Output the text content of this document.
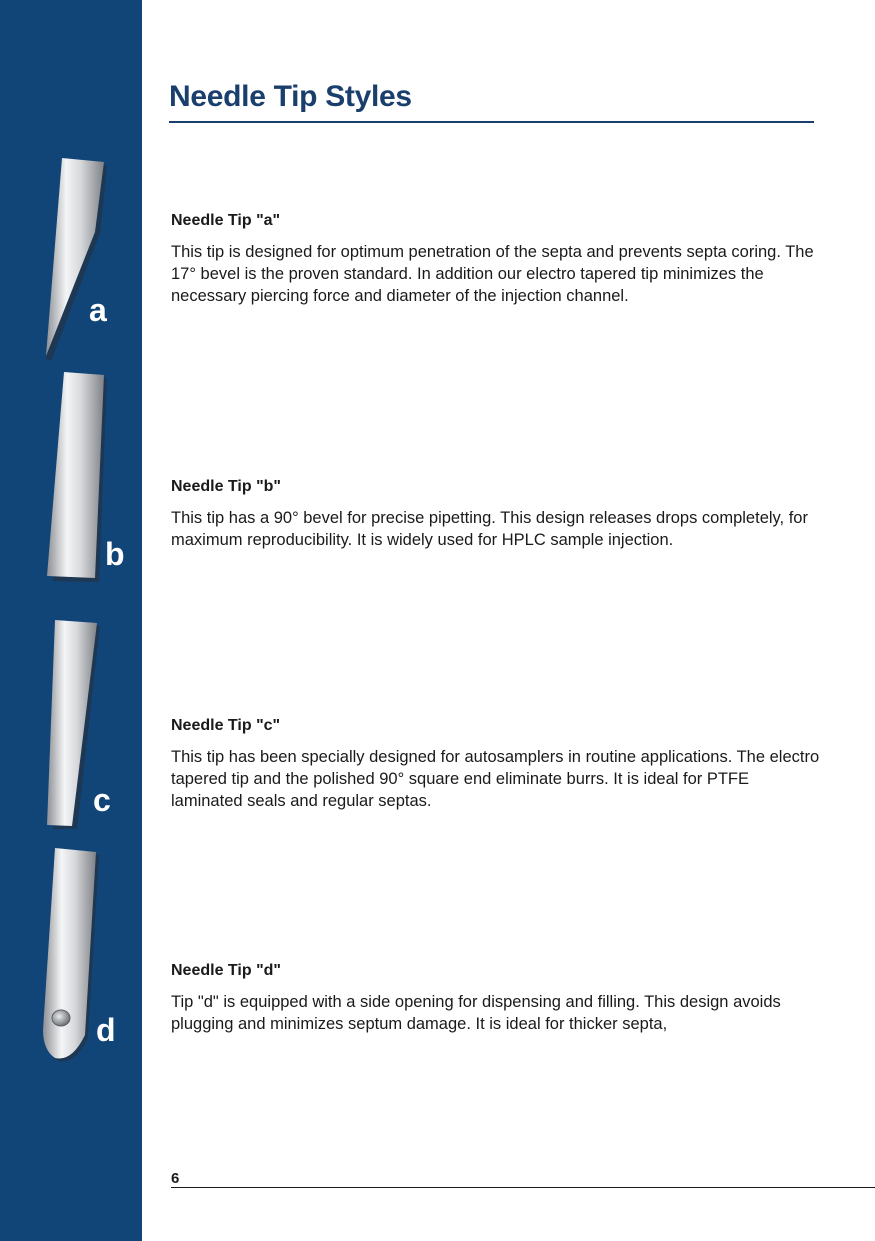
a
b
c
d
Needle Tip Styles
Needle Tip "a"

This tip is designed for optimum penetration of the septa and prevents septa coring. The 17° bevel is the proven standard. In addition our electro tapered tip minimizes the necessary piercing force and diameter of the injection channel.

Needle Tip "b"

This tip has a 90° bevel for precise pipetting. This design releases drops completely, for maximum reproducibility. It is widely used for HPLC sample injection.

Needle Tip "c"

This tip has been specially designed for autosamplers in routine applications. The electro tapered tip and the polished 90° square end eliminate burrs. It is ideal for PTFE laminated seals and regular septas.

Needle Tip "d"

Tip "d" is equipped with a side opening for dispensing and filling. This design avoids plugging and minimizes septum damage. It is ideal for thicker septa,

6
